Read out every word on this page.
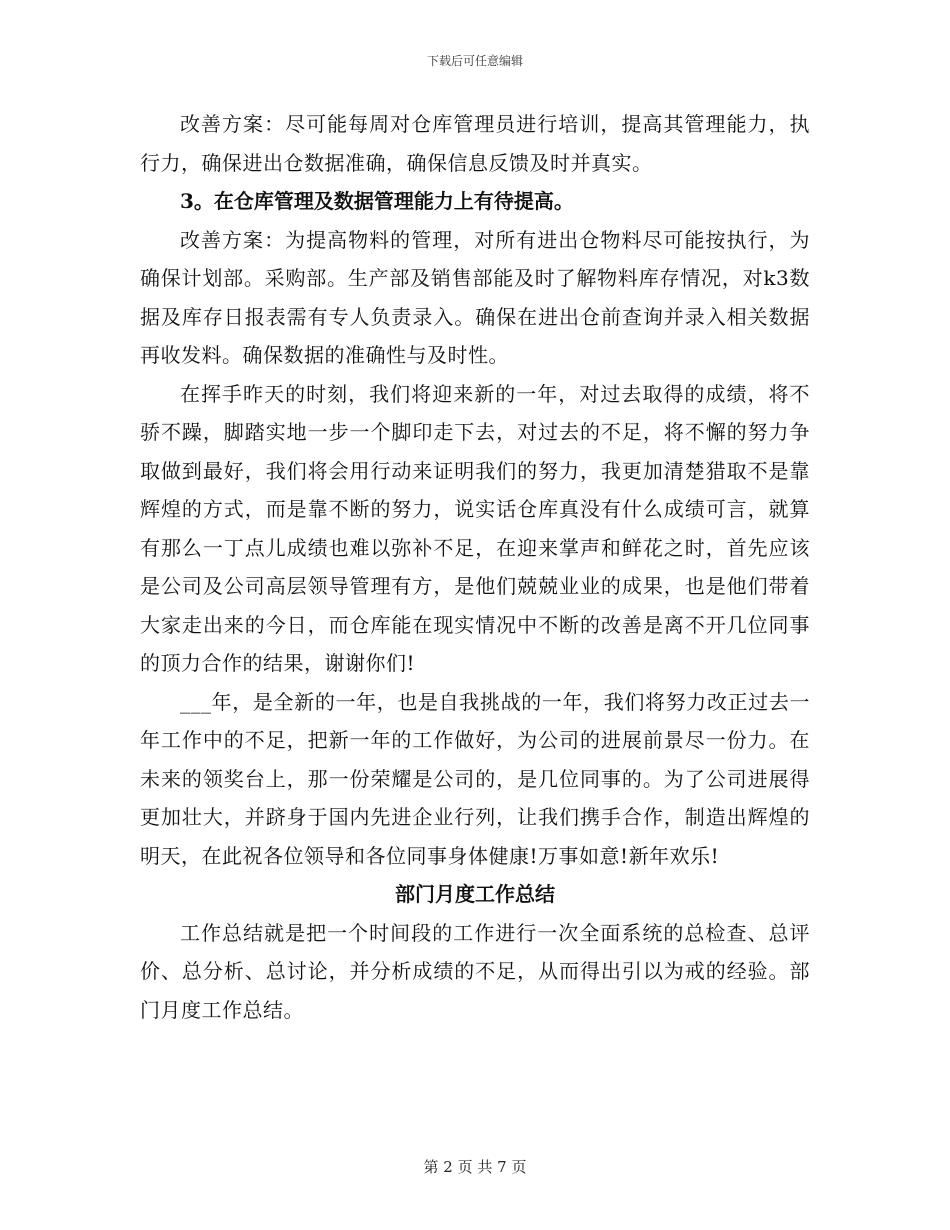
下载后可任意编辑

改善方案：尽可能每周对仓库管理员进行培训，提高其管理能力，执行力，确保进出仓数据准确，确保信息反馈及时并真实。

3。在仓库管理及数据管理能力上有待提高。

改善方案：为提高物料的管理，对所有进出仓物料尽可能按执行，为确保计划部。采购部。生产部及销售部能及时了解物料库存情况，对k3数据及库存日报表需有专人负责录入。确保在进出仓前查询并录入相关数据再收发料。确保数据的准确性与及时性。

在挥手昨天的时刻，我们将迎来新的一年，对过去取得的成绩，将不骄不躁，脚踏实地一步一个脚印走下去，对过去的不足，将不懈的努力争取做到最好，我们将会用行动来证明我们的努力，我更加清楚猎取不是靠辉煌的方式，而是靠不断的努力，说实话仓库真没有什么成绩可言，就算有那么一丁点儿成绩也难以弥补不足，在迎来掌声和鲜花之时，首先应该是公司及公司高层领导管理有方，是他们兢兢业业的成果，也是他们带着大家走出来的今日，而仓库能在现实情况中不断的改善是离不开几位同事的顶力合作的结果，谢谢你们!

___年，是全新的一年，也是自我挑战的一年，我们将努力改正过去一年工作中的不足，把新一年的工作做好，为公司的进展前景尽一份力。在未来的领奖台上，那一份荣耀是公司的，是几位同事的。为了公司进展得更加壮大，并跻身于国内先进企业行列，让我们携手合作，制造出辉煌的明天，在此祝各位领导和各位同事身体健康!万事如意!新年欢乐!

部门月度工作总结

工作总结就是把一个时间段的工作进行一次全面系统的总检查、总评价、总分析、总讨论，并分析成绩的不足，从而得出引以为戒的经验。部门月度工作总结。

第 2 页 共 7 页
